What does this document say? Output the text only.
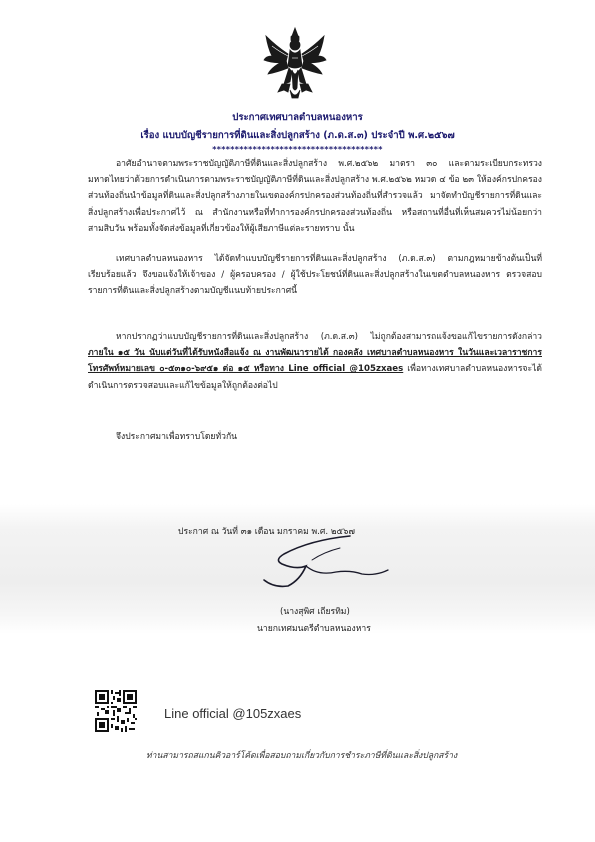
ประกาศเทศบาลตำบลหนองหาร
เรื่อง แบบบัญชีรายการที่ดินและสิ่งปลูกสร้าง (ภ.ด.ส.๓) ประจำปี พ.ศ.๒๕๖๗
**************************************
อาศัยอำนาจตามพระราชบัญญัติภาษีที่ดินและสิ่งปลูกสร้าง พ.ศ.๒๕๖๒ มาตรา ๓๐ และตามระเบียบกระทรวงมหาดไทยว่าด้วยการดำเนินการตามพระราชบัญญัติภาษีที่ดินและสิ่งปลูกสร้าง พ.ศ.๒๕๖๒ หมวด ๔ ข้อ ๒๓ ให้องค์กรปกครองส่วนท้องถิ่นนำข้อมูลที่ดินและสิ่งปลูกสร้างภายในเขตองค์กรปกครองส่วนท้องถิ่นที่สำรวจแล้ว มาจัดทำบัญชีรายการที่ดินและสิ่งปลูกสร้างเพื่อประกาศไว้ ณ สำนักงานหรือที่ทำการองค์กรปกครองส่วนท้องถิ่น หรือสถานที่อื่นที่เห็นสมควรไม่น้อยกว่าสามสิบวัน พร้อมทั้งจัดส่งข้อมูลที่เกี่ยวข้องให้ผู้เสียภาษีแต่ละรายทราบ นั้น
เทศบาลตำบลหนองหาร ได้จัดทำแบบบัญชีรายการที่ดินและสิ่งปลูกสร้าง (ภ.ด.ส.๓) ตามกฎหมายข้างต้นเป็นที่เรียบร้อยแล้ว จึงขอแจ้งให้เจ้าของ / ผู้ครอบครอง / ผู้ใช้ประโยชน์ที่ดินและสิ่งปลูกสร้างในเขตตำบลหนองหาร ตรวจสอบรายการที่ดินและสิ่งปลูกสร้างตามบัญชีแนบท้ายประกาศนี้
หากปรากฏว่าแบบบัญชีรายการที่ดินและสิ่งปลูกสร้าง (ภ.ด.ส.๓) ไม่ถูกต้องสามารถแจ้งขอแก้ไขรายการดังกล่าว ภายใน ๑๕ วัน นับแต่วันที่ได้รับหนังสือแจ้ง ณ งานพัฒนารายได้ กองคลัง เทศบาลตำบลหนองหาร ในวันและเวลาราชการ โทรศัพท์หมายเลข ๐-๕๓๑๐-๖๙๕๑ ต่อ ๑๕ หรือทาง Line official @105zxaes เพื่อทางเทศบาลตำบลหนองหารจะได้ดำเนินการตรวจสอบและแก้ไขข้อมูลให้ถูกต้องต่อไป
จึงประกาศมาเพื่อทราบโดยทั่วกัน
ประกาศ ณ วันที่ ๓๑ เดือน มกราคม พ.ศ. ๒๕๖๗
(นางสุพิศ เถียรทิม)
นายกเทศมนตรีตำบลหนองหาร
Line official @105zxaes
ท่านสามารถสแกนคิวอาร์โค้ดเพื่อสอบถามเกี่ยวกับการชำระภาษีที่ดินและสิ่งปลูกสร้าง
